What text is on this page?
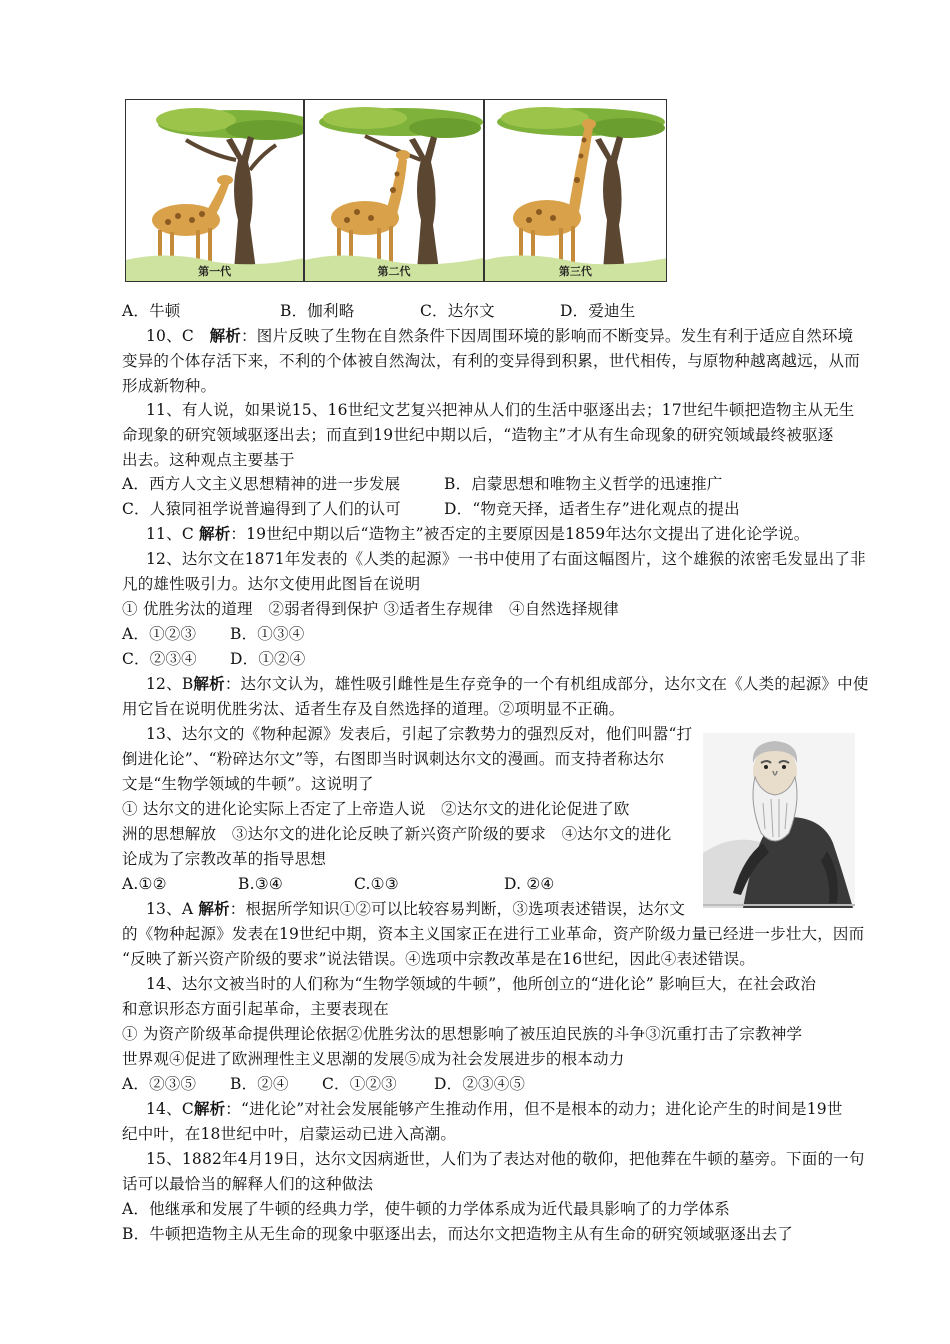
第一代	第二代	第三代
A．牛顿	B．伽利略	C．达尔文	D．爱迪生
10、C　解析：图片反映了生物在自然条件下因周围环境的影响而不断变异。发生有利于适应自然环境
变异的个体存活下来，不利的个体被自然淘汰，有利的变异得到积累，世代相传，与原物种越离越远，从而
形成新物种。
11、有人说，如果说15、16世纪文艺复兴把神从人们的生活中驱逐出去；17世纪牛顿把造物主从无生
命现象的研究领域驱逐出去；而直到19世纪中期以后，“造物主”才从有生命现象的研究领域最终被驱逐
出去。这种观点主要基于
A．西方人文主义思想精神的进一步发展	B．启蒙思想和唯物主义哲学的迅速推广
C．人猿同祖学说普遍得到了人们的认可	D．“物竞天择，适者生存”进化观点的提出
11、C 解析：19世纪中期以后“造物主”被否定的主要原因是1859年达尔文提出了进化论学说。
12、达尔文在1871年发表的《人类的起源》一书中使用了右面这幅图片，这个雄猴的浓密毛发显出了非
凡的雄性吸引力。达尔文使用此图旨在说明
① 优胜劣汰的道理　②弱者得到保护 ③适者生存规律　④自然选择规律
A．①②③ B．①③④
C．②③④ D．①②④
12、B解析：达尔文认为，雄性吸引雌性是生存竞争的一个有机组成部分，达尔文在《人类的起源》中使
用它旨在说明优胜劣汰、适者生存及自然选择的道理。②项明显不正确。
13、达尔文的《物种起源》发表后，引起了宗教势力的强烈反对，他们叫嚣“打
倒进化论”、“粉碎达尔文”等，右图即当时讽刺达尔文的漫画。而支持者称达尔
文是“生物学领域的牛顿”。这说明了
① 达尔文的进化论实际上否定了上帝造人说　②达尔文的进化论促进了欧
洲的思想解放　③达尔文的进化论反映了新兴资产阶级的要求　④达尔文的进化
论成为了宗教改革的指导思想
A.①②	B.③④	C.①③	D. ②④
13、A 解析：根据所学知识①②可以比较容易判断，③选项表述错误，达尔文
的《物种起源》发表在19世纪中期，资本主义国家正在进行工业革命，资产阶级力量已经进一步壮大，因而
“反映了新兴资产阶级的要求”说法错误。④选项中宗教改革是在16世纪，因此④表述错误。
14、达尔文被当时的人们称为“生物学领域的牛顿”，他所创立的“进化论” 影响巨大，在社会政治
和意识形态方面引起革命，主要表现在
① 为资产阶级革命提供理论依据②优胜劣汰的思想影响了被压迫民族的斗争③沉重打击了宗教神学
世界观④促进了欧洲理性主义思潮的发展⑤成为社会发展进步的根本动力
A．②③⑤ B．②④ C．①②③ D．②③④⑤
14、C解析：“进化论”对社会发展能够产生推动作用，但不是根本的动力；进化论产生的时间是19世
纪中叶，在18世纪中叶，启蒙运动已进入高潮。
15、1882年4月19日，达尔文因病逝世，人们为了表达对他的敬仰，把他葬在牛顿的墓旁。下面的一句
话可以最恰当的解释人们的这种做法
A．他继承和发展了牛顿的经典力学，使牛顿的力学体系成为近代最具影响了的力学体系
B．牛顿把造物主从无生命的现象中驱逐出去，而达尔文把造物主从有生命的研究领域驱逐出去了
